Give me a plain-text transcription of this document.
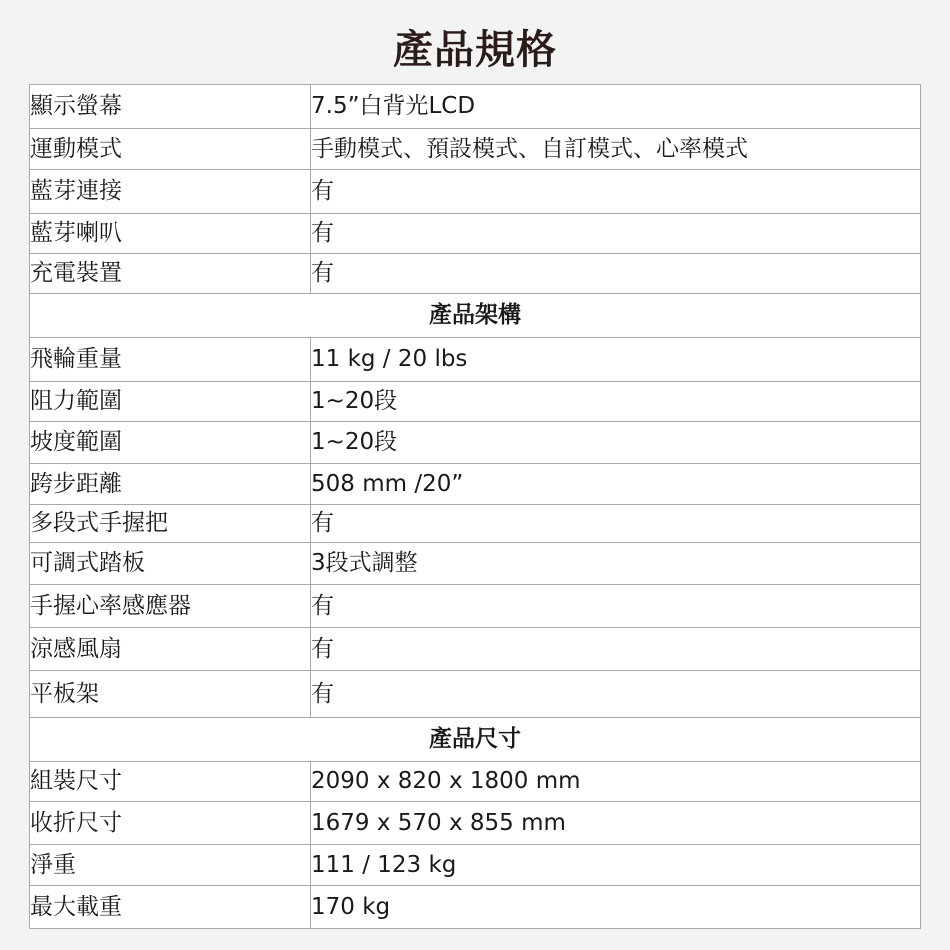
產品規格
顯示螢幕	7.5”白背光LCD
運動模式	手動模式、預設模式、自訂模式、心率模式
藍芽連接	有
藍芽喇叭	有
充電裝置	有
產品架構	
飛輪重量	11 kg / 20 lbs
阻力範圍	1~20段
坡度範圍	1~20段
跨步距離	508 mm /20”
多段式手握把	有
可調式踏板	3段式調整
手握心率感應器	有
涼感風扇	有
平板架	有
產品尺寸	
組裝尺寸	2090 x 820 x 1800 mm
收折尺寸	1679 x 570 x 855 mm
淨重	111 / 123 kg
最大載重	170 kg
